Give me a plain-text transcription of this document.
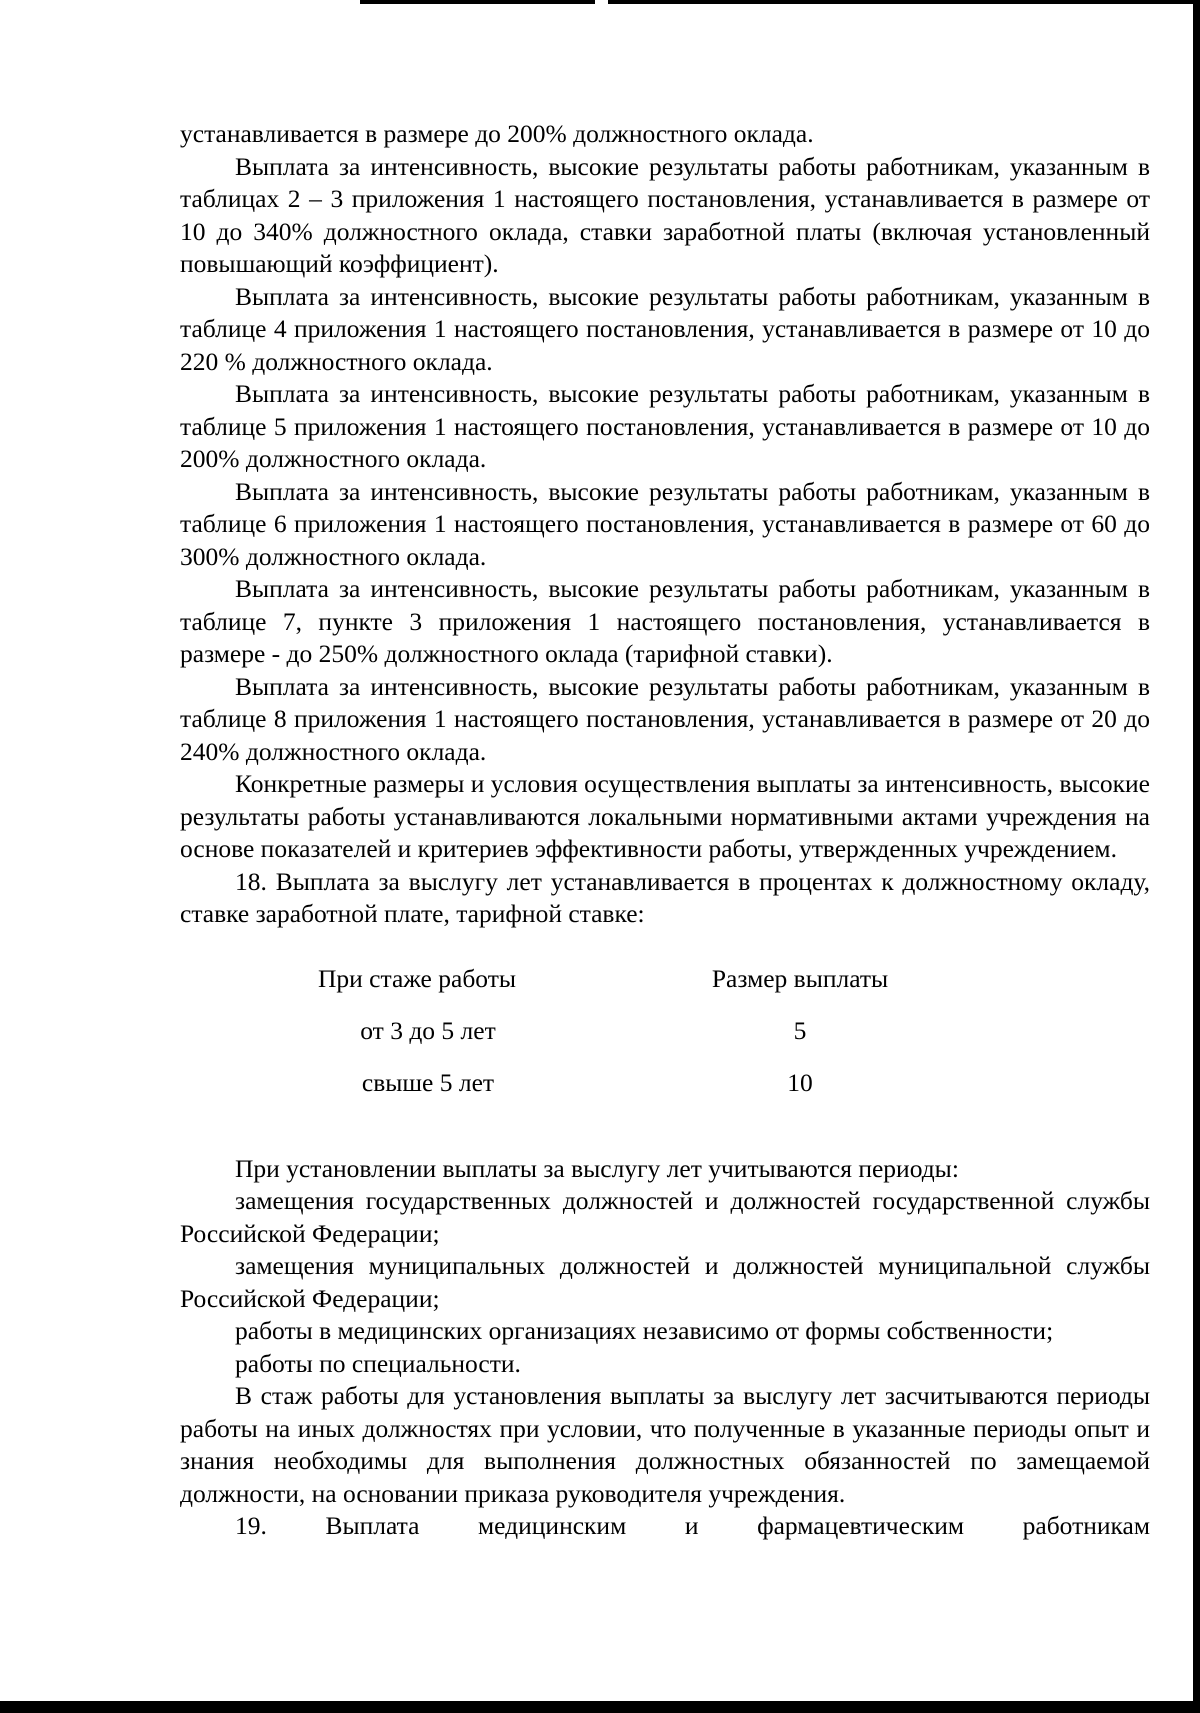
устанавливается в размере до 200% должностного оклада.

Выплата за интенсивность, высокие результаты работы работникам, указанным в таблицах 2 – 3 приложения 1 настоящего постановления, устанавливается в размере от 10 до 340% должностного оклада, ставки заработной платы (включая установленный повышающий коэффициент).

Выплата за интенсивность, высокие результаты работы работникам, указанным в таблице 4 приложения 1 настоящего постановления, устанавливается в размере от 10 до 220 % должностного оклада.

Выплата за интенсивность, высокие результаты работы работникам, указанным в таблице 5 приложения 1 настоящего постановления, устанавливается в размере от 10 до 200% должностного оклада.

Выплата за интенсивность, высокие результаты работы работникам, указанным в таблице 6 приложения 1 настоящего постановления, устанавливается в размере от 60 до 300% должностного оклада.

Выплата за интенсивность, высокие результаты работы работникам, указанным в таблице 7, пункте 3 приложения 1 настоящего постановления, устанавливается в размере - до 250% должностного оклада (тарифной ставки).

Выплата за интенсивность, высокие результаты работы работникам, указанным в таблице 8 приложения 1 настоящего постановления, устанавливается в размере от 20 до 240% должностного оклада.

Конкретные размеры и условия осуществления выплаты за интенсивность, высокие результаты работы устанавливаются локальными нормативными актами учреждения на основе показателей и критериев эффективности работы, утвержденных учреждением.

18. Выплата за выслугу лет устанавливается в процентах к должностному окладу, ставке заработной плате, тарифной ставке:

При стаже работы	Размер выплаты
от 3 до 5 лет	5
свыше 5 лет	10

При установлении выплаты за выслугу лет учитываются периоды:

замещения государственных должностей и должностей государственной службы Российской Федерации;

замещения муниципальных должностей и должностей муниципальной службы Российской Федерации;

работы в медицинских организациях независимо от формы собственности;

работы по специальности.

В стаж работы для установления выплаты за выслугу лет засчитываются периоды работы на иных должностях при условии, что полученные в указанные периоды опыт и знания необходимы для выполнения должностных обязанностей по замещаемой должности, на основании приказа руководителя учреждения.

19. Выплата медицинским и фармацевтическим работникам
